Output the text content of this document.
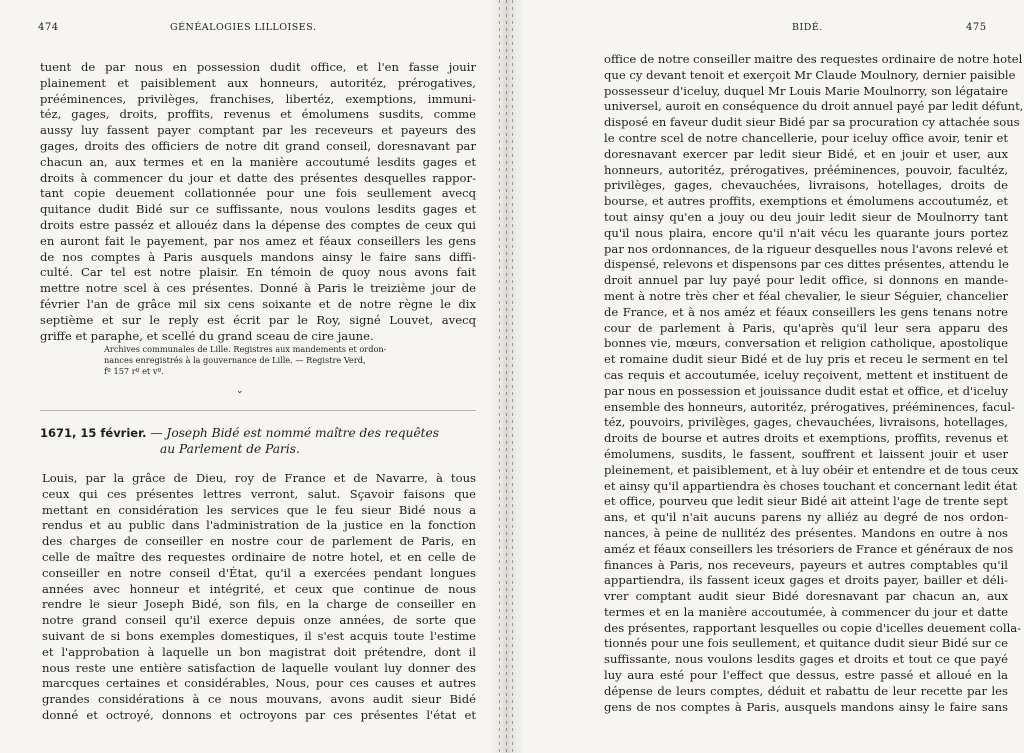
474	GÉNÉALOGIES LILLOISES.
tuent de par nous en possession dudit office, et l'en fasse jouir
plainement et paisiblement aux honneurs, autoritéz, prérogatives,
prééminences, privilèges, franchises, libertéz, exemptions, immuni-
téz, gages, droits, proffits, revenus et émolumens susdits, comme
aussy luy fassent payer comptant par les receveurs et payeurs des
gages, droits des officiers de notre dit grand conseil, doresnavant par
chacun an, aux termes et en la manière accoutumé lesdits gages et
droits à commencer du jour et datte des présentes desquelles rappor-
tant copie deuement collationnée pour une fois seullement avecq
quitance dudit Bidé sur ce suffissante, nous voulons lesdits gages et
droits estre passéz et allouéz dans la dépense des comptes de ceux qui
en auront fait le payement, par nos amez et féaux conseillers les gens
de nos comptes à Paris ausquels mandons ainsy le faire sans diffi-
culté. Car tel est notre plaisir. En témoin de quoy nous avons fait
mettre notre scel à ces présentes. Donné à Paris le treizième jour de
février l'an de grâce mil six cens soixante et de notre règne le dix
septième et sur le reply est écrit par le Roy, signé Louvet, avecq
griffe et paraphe, et scellé du grand sceau de cire jaune.
Archives communales de Lille. Registres aux mandements et ordon-
nances enregistrés à la gouvernance de Lille. — Registre Verd,
fº 157 rº et vº.
⌄
1671, 15 février. — Joseph Bidé est nommé maître des requêtes
au Parlement de Paris.
Louis, par la grâce de Dieu, roy de France et de Navarre, à tous
ceux qui ces présentes lettres verront, salut. Sçavoir faisons que
mettant en considération les services que le feu sieur Bidé nous a
rendus et au public dans l'administration de la justice en la fonction
des charges de conseiller en nostre cour de parlement de Paris, en
celle de maître des requestes ordinaire de notre hotel, et en celle de
conseiller en notre conseil d'État, qu'il a exercées pendant longues
années avec honneur et intégrité, et ceux que continue de nous
rendre le sieur Joseph Bidé, son fils, en la charge de conseiller en
notre grand conseil qu'il exerce depuis onze années, de sorte que
suivant de si bons exemples domestiques, il s'est acquis toute l'estime
et l'approbation à laquelle un bon magistrat doit prétendre, dont il
nous reste une entière satisfaction de laquelle voulant luy donner des
marcques certaines et considérables, Nous, pour ces causes et autres
grandes considérations à ce nous mouvans, avons audit sieur Bidé
donné et octroyé, donnons et octroyons par ces présentes l'état et
BIDÉ.	475
office de notre conseiller maitre des requestes ordinaire de notre hotel
que cy devant tenoit et exerçoit Mr Claude Moulnory, dernier paisible
possesseur d'iceluy, duquel Mr Louis Marie Moulnorry, son légataire
universel, auroit en conséquence du droit annuel payé par ledit défunt,
disposé en faveur dudit sieur Bidé par sa procuration cy attachée sous
le contre scel de notre chancellerie, pour iceluy office avoir, tenir et
doresnavant exercer par ledit sieur Bidé, et en jouir et user, aux
honneurs, autoritéz, prérogatives, prééminences, pouvoir, facultéz,
privilèges, gages, chevauchées, livraisons, hotellages, droits de
bourse, et autres proffits, exemptions et émolumens accoutuméz, et
tout ainsy qu'en a jouy ou deu jouir ledit sieur de Moulnorry tant
qu'il nous plaira, encore qu'il n'ait vécu les quarante jours portez
par nos ordonnances, de la rigueur desquelles nous l'avons relevé et
dispensé, relevons et dispensons par ces dittes présentes, attendu le
droit annuel par luy payé pour ledit office, si donnons en mande-
ment à notre très cher et féal chevalier, le sieur Séguier, chancelier
de France, et à nos améz et féaux conseillers les gens tenans notre
cour de parlement à Paris, qu'après qu'il leur sera apparu des
bonnes vie, mœurs, conversation et religion catholique, apostolique
et romaine dudit sieur Bidé et de luy pris et receu le serment en tel
cas requis et accoutumée, iceluy reçoivent, mettent et instituent de
par nous en possession et jouissance dudit estat et office, et d'iceluy
ensemble des honneurs, autoritéz, prérogatives, prééminences, facul-
téz, pouvoirs, privilèges, gages, chevauchées, livraisons, hotellages,
droits de bourse et autres droits et exemptions, proffits, revenus et
émolumens, susdits, le fassent, souffrent et laissent jouir et user
pleinement, et paisiblement, et à luy obéir et entendre et de tous ceux
et ainsy qu'il appartiendra ès choses touchant et concernant ledit état
et office, pourveu que ledit sieur Bidé ait atteint l'age de trente sept
ans, et qu'il n'ait aucuns parens ny alliéz au degré de nos ordon-
nances, à peine de nullitéz des présentes. Mandons en outre à nos
améz et féaux conseillers les trésoriers de France et généraux de nos
finances à Paris, nos receveurs, payeurs et autres comptables qu'il
appartiendra, ils fassent iceux gages et droits payer, bailler et déli-
vrer comptant audit sieur Bidé doresnavant par chacun an, aux
termes et en la manière accoutumée, à commencer du jour et datte
des présentes, rapportant lesquelles ou copie d'icelles deuement colla-
tionnés pour une fois seullement, et quitance dudit sieur Bidé sur ce
suffissante, nous voulons lesdits gages et droits et tout ce que payé
luy aura esté pour l'effect que dessus, estre passé et alloué en la
dépense de leurs comptes, déduit et rabattu de leur recette par les
gens de nos comptes à Paris, ausquels mandons ainsy le faire sans
